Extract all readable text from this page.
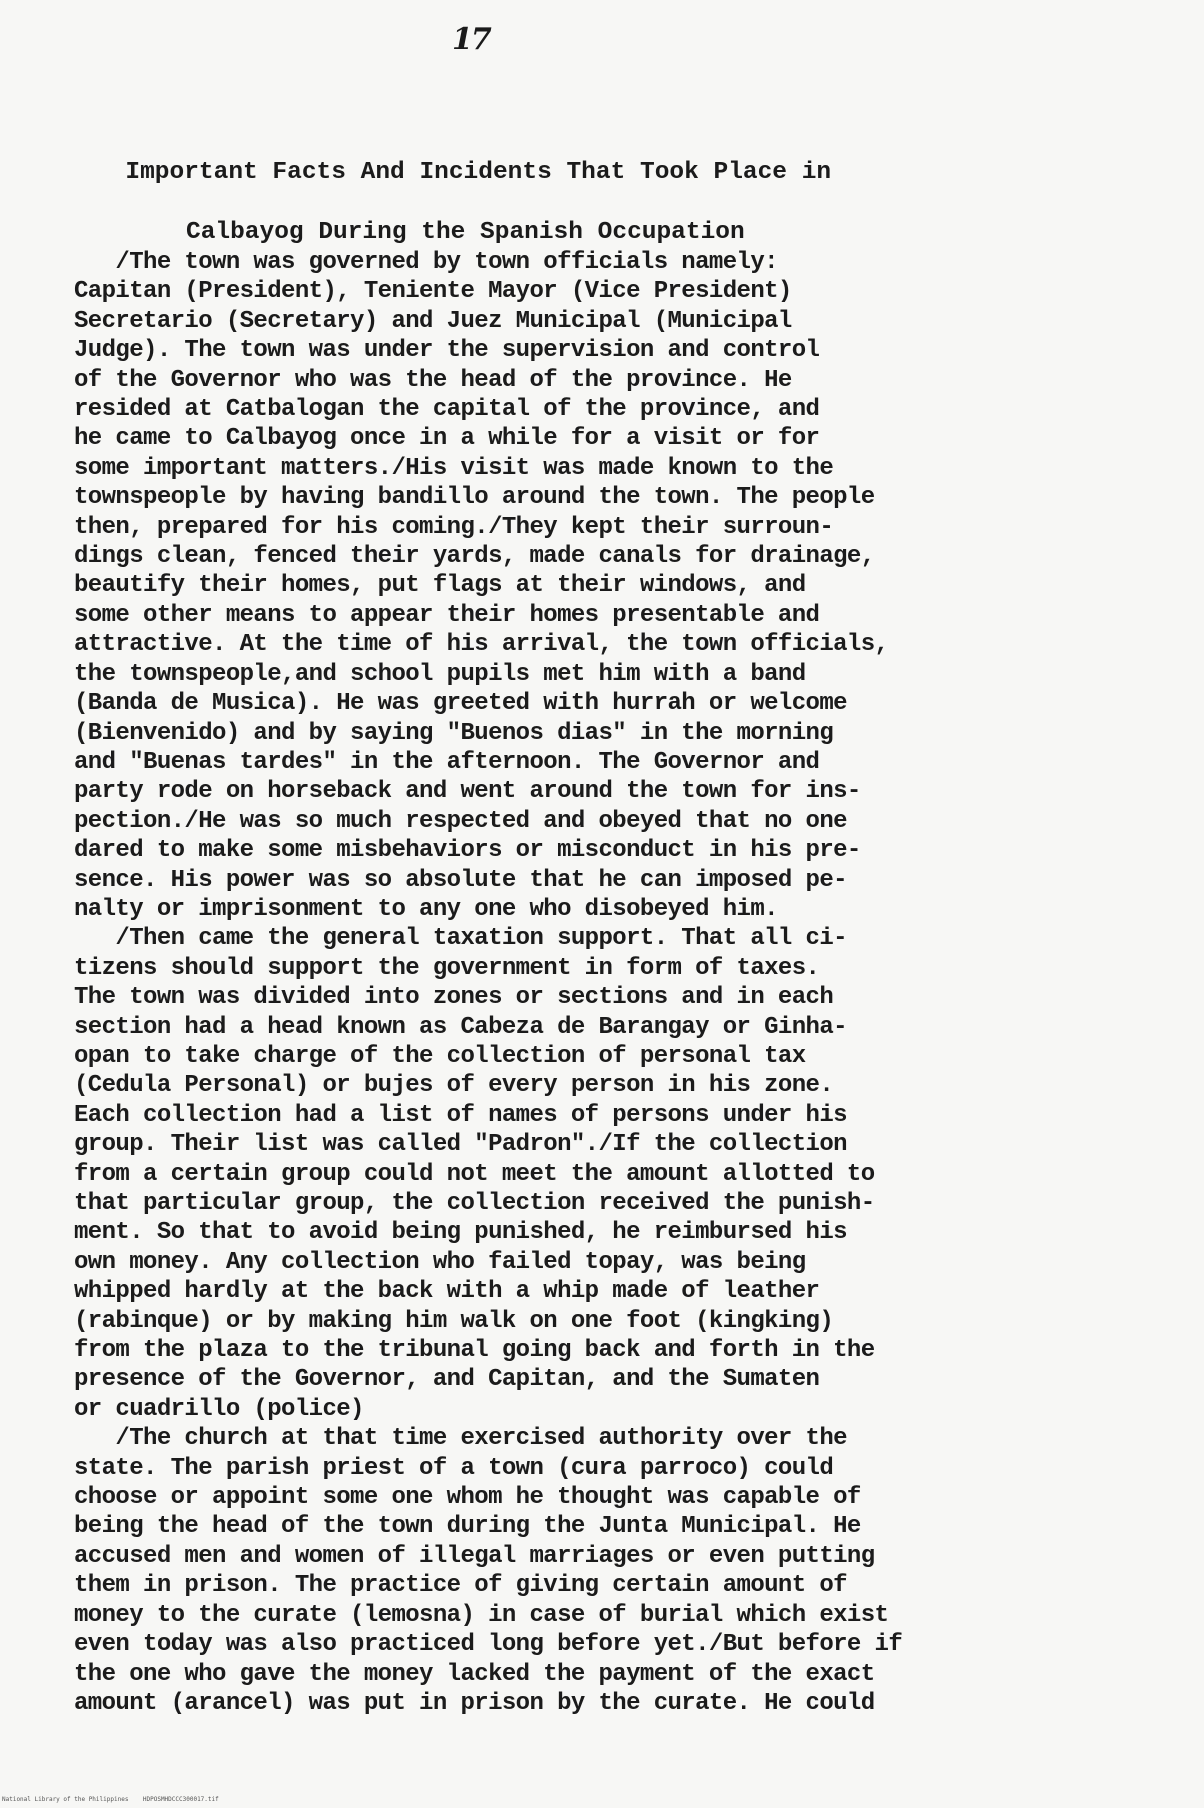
17

Important Facts And Incidents That Took Place in

Calbayog During the Spanish Occupation

/The town was governed by town officials namely:
Capitan (President), Teniente Mayor (Vice President)
Secretario (Secretary) and Juez Municipal (Municipal
Judge). The town was under the supervision and control
of the Governor who was the head of the province. He
resided at Catbalogan the capital of the province, and
he came to Calbayog once in a while for a visit or for
some important matters./His visit was made known to the
townspeople by having bandillo around the town. The people
then, prepared for his coming./They kept their surroun-
dings clean, fenced their yards, made canals for drainage,
beautify their homes, put flags at their windows, and
some other means to appear their homes presentable and
attractive. At the time of his arrival, the town officials,
the townspeople,and school pupils met him with a band
(Banda de Musica). He was greeted with hurrah or welcome
(Bienvenido) and by saying "Buenos dias" in the morning
and "Buenas tardes" in the afternoon. The Governor and
party rode on horseback and went around the town for ins-
pection./He was so much respected and obeyed that no one
dared to make some misbehaviors or misconduct in his pre-
sence. His power was so absolute that he can imposed pe-
nalty or imprisonment to any one who disobeyed him.
/Then came the general taxation support. That all ci-
tizens should support the government in form of taxes.
The town was divided into zones or sections and in each
section had a head known as Cabeza de Barangay or Ginha-
opan to take charge of the collection of personal tax
(Cedula Personal) or bujes of every person in his zone.
Each collection had a list of names of persons under his
group. Their list was called "Padron"./If the collection
from a certain group could not meet the amount allotted to
that particular group, the collection received the punish-
ment. So that to avoid being punished, he reimbursed his
own money. Any collection who failed topay, was being
whipped hardly at the back with a whip made of leather
(rabinque) or by making him walk on one foot (kingking)
from the plaza to the tribunal going back and forth in the
presence of the Governor, and Capitan, and the Sumaten
or cuadrillo (police)
/The church at that time exercised authority over the
state. The parish priest of a town (cura parroco) could
choose or appoint some one whom he thought was capable of
being the head of the town during the Junta Municipal. He
accused men and women of illegal marriages or even putting
them in prison. The practice of giving certain amount of
money to the curate (lemosna) in case of burial which exist
even today was also practiced long before yet./But before if
the one who gave the money lacked the payment of the exact
amount (arancel) was put in prison by the curate. He could
National Library of the Philippines    HDPOSMHDCCC300017.tif
